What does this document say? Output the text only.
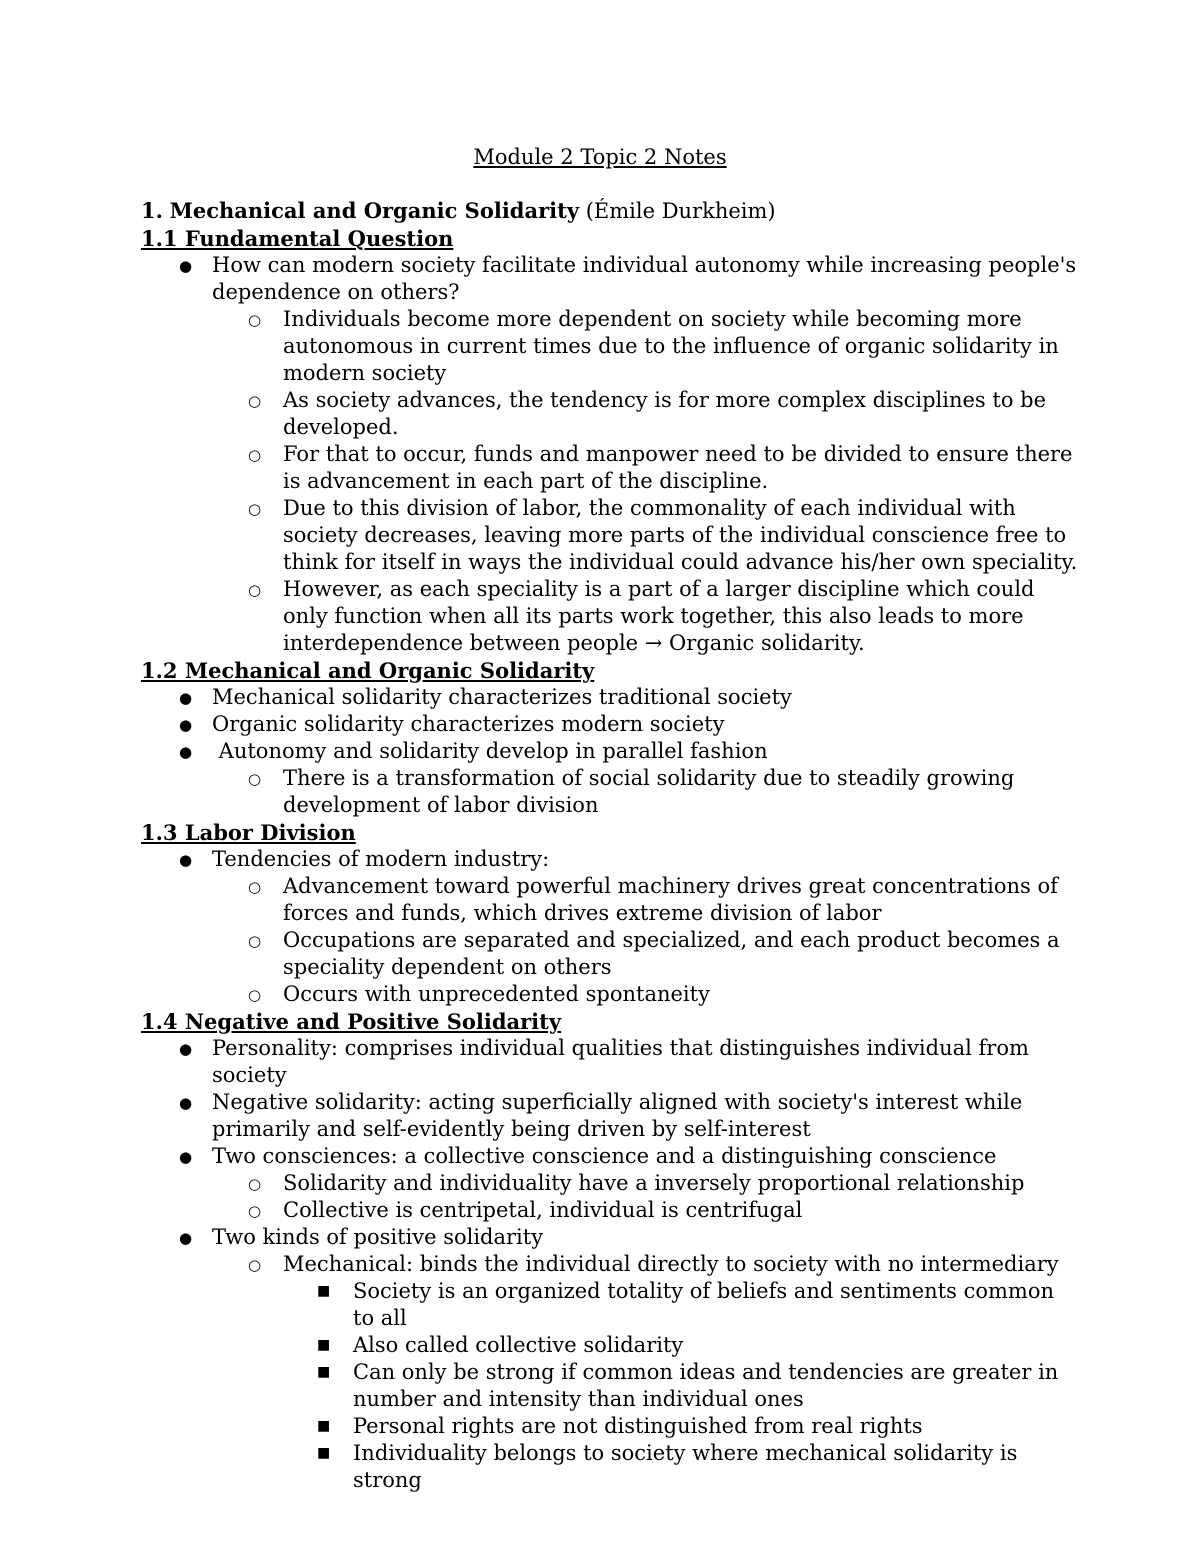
Module 2 Topic 2 Notes
1. Mechanical and Organic Solidarity (Émile Durkheim)
1.1 Fundamental Question
● How can modern society facilitate individual autonomy while increasing people's dependence on others?
○ Individuals become more dependent on society while becoming more autonomous in current times due to the influence of organic solidarity in modern society
○ As society advances, the tendency is for more complex disciplines to be developed.
○ For that to occur, funds and manpower need to be divided to ensure there is advancement in each part of the discipline.
○ Due to this division of labor, the commonality of each individual with society decreases, leaving more parts of the individual conscience free to think for itself in ways the individual could advance his/her own speciality.
○ However, as each speciality is a part of a larger discipline which could only function when all its parts work together, this also leads to more interdependence between people → Organic solidarity.
1.2 Mechanical and Organic Solidarity
● Mechanical solidarity characterizes traditional society
● Organic solidarity characterizes modern society
● Autonomy and solidarity develop in parallel fashion
○ There is a transformation of social solidarity due to steadily growing development of labor division
1.3 Labor Division
● Tendencies of modern industry:
○ Advancement toward powerful machinery drives great concentrations of forces and funds, which drives extreme division of labor
○ Occupations are separated and specialized, and each product becomes a speciality dependent on others
○ Occurs with unprecedented spontaneity
1.4 Negative and Positive Solidarity
● Personality: comprises individual qualities that distinguishes individual from society
● Negative solidarity: acting superficially aligned with society's interest while primarily and self-evidently being driven by self-interest
● Two consciences: a collective conscience and a distinguishing conscience
○ Solidarity and individuality have a inversely proportional relationship
○ Collective is centripetal, individual is centrifugal
● Two kinds of positive solidarity
○ Mechanical: binds the individual directly to society with no intermediary
■ Society is an organized totality of beliefs and sentiments common to all
■ Also called collective solidarity
■ Can only be strong if common ideas and tendencies are greater in number and intensity than individual ones
■ Personal rights are not distinguished from real rights
■ Individuality belongs to society where mechanical solidarity is strong
